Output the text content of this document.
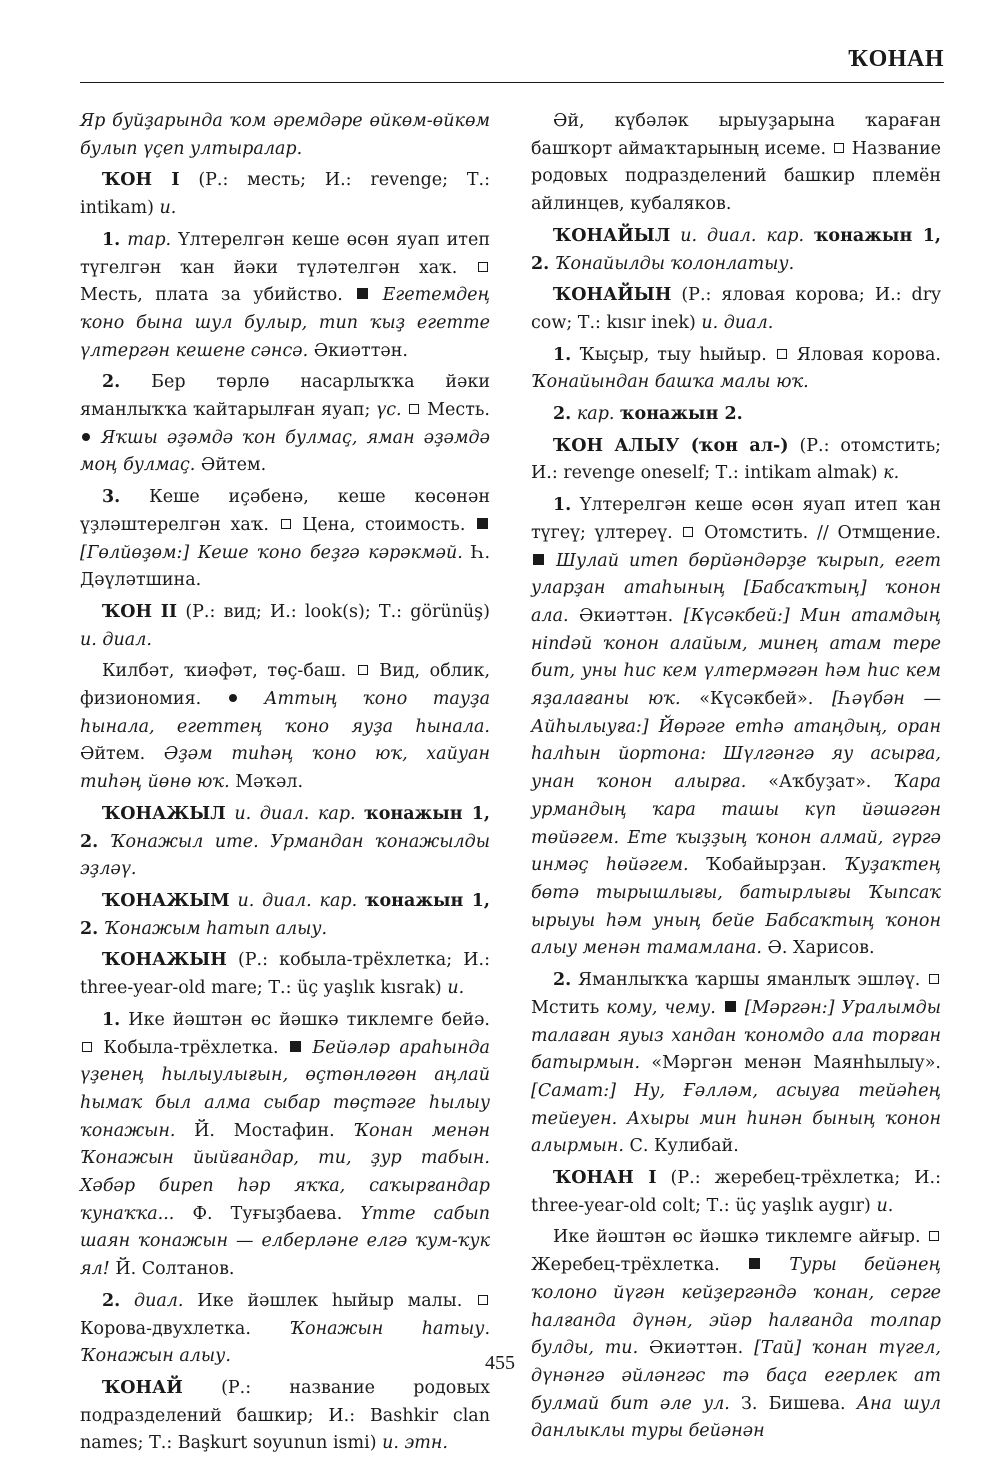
ҠОНАН

Яр буйҙарында ҡом әремдәре өйкөм-өйкөм булып үҫеп ултыралар.

ҠОН I (Р.: месть; И.: revenge; Т.: intikam) и.

1. тар. Үлтерелгән кеше өсөн яуап итеп түгелгән ҡан йәки түләтелгән хаҡ.  Месть, плата за убийство.  Егетемдең ҡоно бына шул булыр, тип ҡыҙ егетте үлтергән кешене сәнсә. Әкиәттән.

2. Бер төрлө насарлыҡҡа йәки яманлыҡҡа ҡайтарылған яуап; үс.  Месть.  Яҡшы әҙәмдә ҡон булмаҫ, яман әҙәмдә моң булмаҫ. Әйтем.

3. Кеше иҫәбенә, кеше көсөнән үҙләштерелгән хаҡ.  Цена, стоимость.  [Гөлйөҙөм:] Кеше ҡоно беҙгә кәрәкмәй. Һ. Дәүләтшина.

ҠОН II (Р.: вид; И.: look(s); Т.: görünüş) и. диал.

Килбәт, ҡиәфәт, төҫ-баш.  Вид, облик, физиономия.  Аттың ҡоно тауҙа һынала, егеттең ҡоно яуҙа һынала. Әйтем. Әҙәм тиһәң ҡоно юҡ, хайуан тиһәң йөнө юҡ. Мәҡәл.

ҠОНАЖЫЛ и. диал. кар. ҡонажын 1, 2. Ҡонажыл ите. Урмандан ҡонажылды эҙләү.

ҠОНАЖЫМ и. диал. кар. ҡонажын 1, 2. Ҡонажым һатып алыу.

ҠОНАЖЫН (Р.: кобыла-трёхлетка; И.: three-year-old mare; Т.: üç yaşlık kısrak) и.

1. Ике йәштән өс йәшкә тиклемге бейә.  Кобыла-трёхлетка.  Бейәләр араһында үҙенең һылыулығын, өҫтөнлөгөн аңлай һымаҡ был алма сыбар төҫтәге һылыу ҡонажын. Й. Мостафин. Ҡонан менән Ҡонажын йыйғандар, ти, ҙур табын. Хәбәр биреп һәр яҡҡа, саҡырғандар ҡунаҡҡа... Ф. Туғыҙбаева. Үтте сабып шаян ҡонажын — елберләне елгә ҡум-ҡук ял! Й. Солтанов.

2. диал. Ике йәшлек һыйыр малы.  Корова-двухлетка. Ҡонажын һатыу. Ҡонажын алыу.

ҠОНАЙ (Р.: название родовых подразделений башкир; И.: Bashkir clan names; Т.: Başkurt soyunun ismi) и. этн.

Әй, күбәләк ырыуҙарына ҡараған башҡорт аймаҡтарының исеме.  Название родовых подразделений башкир племён айлинцев, кубаляков.

ҠОНАЙЫЛ и. диал. кар. ҡонажын 1, 2. Ҡонайылды ҡолонлатыу.

ҠОНАЙЫН (Р.: яловая корова; И.: dry cow; Т.: kısır inek) и. диал.

1. Ҡыҫыр, тыу һыйыр.  Яловая корова. Ҡонайындан башҡа малы юҡ.

2. кар. ҡонажын 2.

ҠОН АЛЫУ (ҡон ал-) (Р.: отомстить; И.: revenge oneself; Т.: intikam almak) к.

1. Үлтерелгән кеше өсөн яуап итеп ҡан түгеү; үлтереү.  Отомстить. // Отмщение.  Шулай итеп бөрйәндәрҙе ҡырып, егет уларҙан атаһының [Бабсаҡтың] ҡонон ала. Әкиәттән. [Күсәкбей:] Мин атамдың нindәй ҡонон алайым, минең атам тере бит, уны һис кем үлтермәгән һәм һис кем яҙалағаны юҡ. «Күсәкбей». [Һәүбән — Айһылыуға:] Йөрәге етһә атаңдың, оран һалһын йортона: Шүлгәнгә яу асырға, унан ҡонон алырға. «Аҡбуҙат». Ҡара урмандың ҡара ташы күп йәшәгән төйәгем. Ете ҡыҙҙың ҡонон алмай, гүргә инмәҫ һөйәгем. Ҡобайырҙан. Ҡуҙаҡтең бөтә тырышлығы, батырлығы Ҡыпсаҡ ырыуы һәм уның бейе Бабсаҡтың ҡонон алыу менән тамамлана. Ә. Харисов.

2. Яманлыҡҡа ҡаршы яманлыҡ эшләү.  Мстить кому, чему.  [Мәргән:] Уралымды талаған яуыз хандан ҡономдо ала торған батырмын. «Мәргән менән Маянһылыу». [Самат:] Ну, Ғәлләм, асыуға тейәһең тейеуен. Ахыры мин һинән бының ҡонон алырмын. С. Кулибай.

ҠОНАН I (Р.: жеребец-трёхлетка; И.: three-year-old colt; Т.: üç yaşlık aygır) и.

Ике йәштән өс йәшкә тиклемге айғыр.  Жеребец-трёхлетка.  Туры бейәнең ҡолоно йүгән кейҙергәндә ҡонан, серге һалғанда дүнән, эйәр һалғанда толпар булды, ти. Әкиәттән. [Тай] ҡонан түгел, дүнәнгә әйләнгәс тә баҫа егерлек ат булмай бит әле ул. З. Бишева. Ана шул данлыклы туры бейәнән

455
